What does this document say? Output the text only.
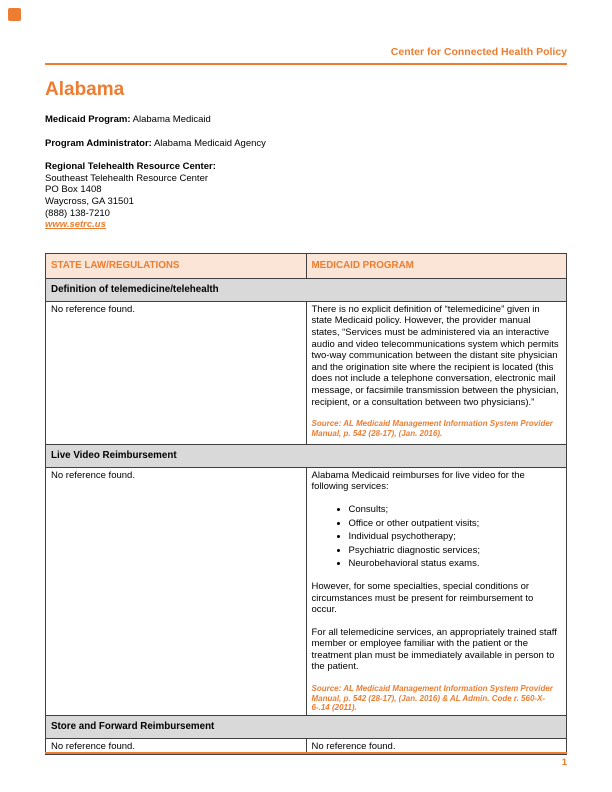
Center for Connected Health Policy
Alabama

Medicaid Program: Alabama Medicaid

Program Administrator: Alabama Medicaid Agency

Regional Telehealth Resource Center:

Southeast Telehealth Resource Center

PO Box 1408

Waycross, GA 31501

(888) 138-7210

www.setrc.us

STATE LAW/REGULATIONS	MEDICAID PROGRAM
Definition of telemedicine/telehealth	

No reference found.	There is no explicit definition of “telemedicine” given in state Medicaid policy. However, the provider manual states, “Services must be administered via an interactive audio and video telecommunications system which permits two-way communication between the distant site physician and the origination site where the recipient is located (this does not include a telephone conversation, electronic mail message, or facsimile transmission between the physician, recipient, or a consultation between two physicians).”

Source: AL Medicaid Management Information System Provider Manual, p. 542 (28-17), (Jan. 2016).

Live Video Reimbursement	

No reference found.	Alabama Medicaid reimburses for live video for the following services:

• Consults;
• Office or other outpatient visits;
• Individual psychotherapy;
• Psychiatric diagnostic services;
• Neurobehavioral status exams.

However, for some specialties, special conditions or circumstances must be present for reimbursement to occur.

For all telemedicine services, an appropriately trained staff member or employee familiar with the patient or the treatment plan must be immediately available in person to the patient.

Source: AL Medicaid Management Information System Provider Manual, p. 542 (28-17), (Jan. 2016) & AL Admin. Code r. 560-X-6-.14 (2011).

Store and Forward Reimbursement	

No reference found.	No reference found.

1
